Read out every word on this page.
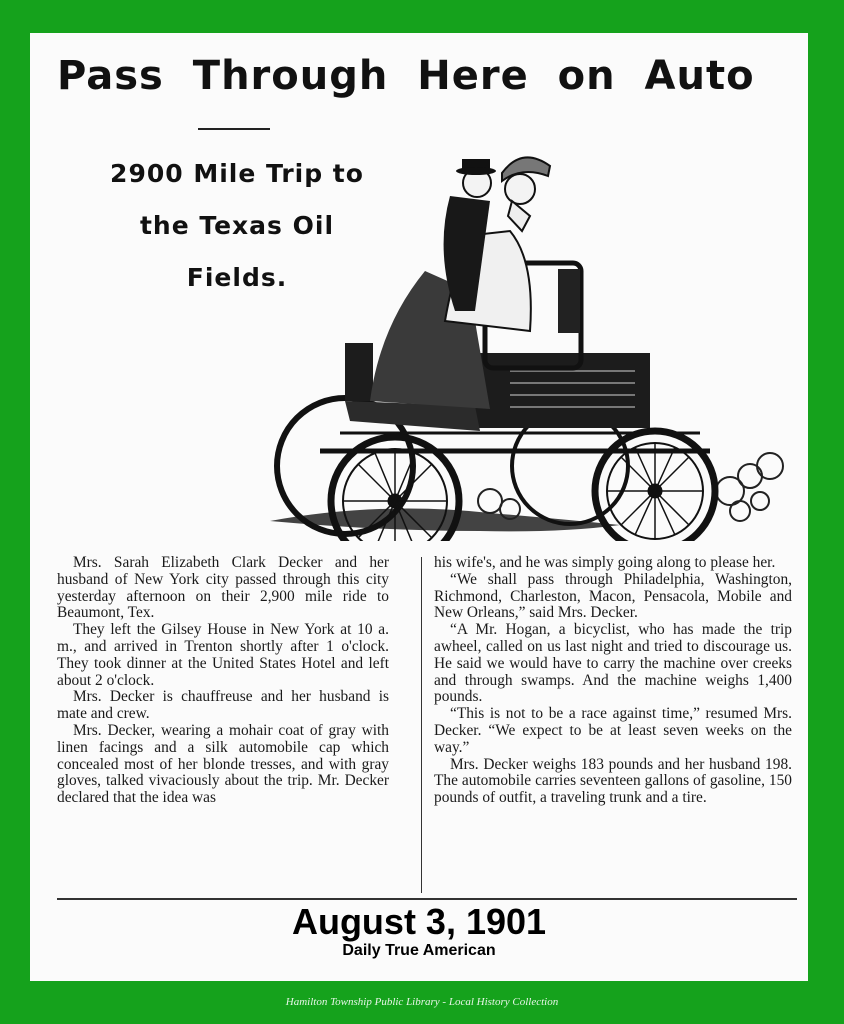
Pass Through Here on Auto
2900 Mile Trip to
the Texas Oil
Fields.

Mrs. Sarah Elizabeth Clark Decker and her husband of New York city passed through this city yesterday afternoon on their 2,900 mile ride to Beaumont, Tex.

They left the Gilsey House in New York at 10 a. m., and arrived in Trenton shortly after 1 o'clock. They took dinner at the United States Hotel and left about 2 o'clock.

Mrs. Decker is chauffreuse and her husband is mate and crew.

Mrs. Decker, wearing a mohair coat of gray with linen facings and a silk automobile cap which concealed most of her blonde tresses, and with gray gloves, talked vivaciously about the trip. Mr. Decker declared that the idea was

his wife's, and he was simply going along to please her.

“We shall pass through Philadelphia, Washington, Richmond, Charleston, Macon, Pensacola, Mobile and New Orleans,” said Mrs. Decker.

“A Mr. Hogan, a bicyclist, who has made the trip awheel, called on us last night and tried to discourage us. He said we would have to carry the machine over creeks and through swamps. And the machine weighs 1,400 pounds.

“This is not to be a race against time,” resumed Mrs. Decker. “We expect to be at least seven weeks on the way.”

Mrs. Decker weighs 183 pounds and her husband 198. The automobile carries seventeen gallons of gasoline, 150 pounds of outfit, a traveling trunk and a tire.

August 3, 1901
Daily True American
Hamilton Township Public Library - Local History Collection
